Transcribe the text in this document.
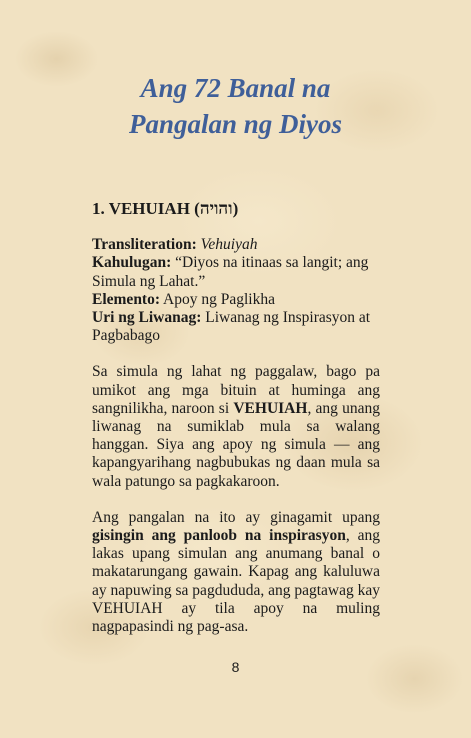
Ang 72 Banal na
Pangalan ng Diyos
1. VEHUIAH (והויה)
Transliteration: Vehuiyah
Kahulugan: “Diyos na itinaas sa langit; ang Simula ng Lahat.”
Elemento: Apoy ng Paglikha
Uri ng Liwanag: Liwanag ng Inspirasyon at Pagbabago

Sa simula ng lahat ng paggalaw, bago pa umikot ang mga bituin at huminga ang sangnilikha, naroon si VEHUIAH, ang unang liwanag na sumiklab mula sa walang hanggan. Siya ang apoy ng simula — ang kapangyarihang nagbubukas ng daan mula sa wala patungo sa pagkakaroon.

Ang pangalan na ito ay ginagamit upang gisingin ang panloob na inspirasyon, ang lakas upang simulan ang anumang banal o makatarungang gawain. Kapag ang kaluluwa ay napuwing sa pagdududa, ang pagtawag kay VEHUIAH ay tila apoy na muling nagpapasindi ng pag-asa.

8
